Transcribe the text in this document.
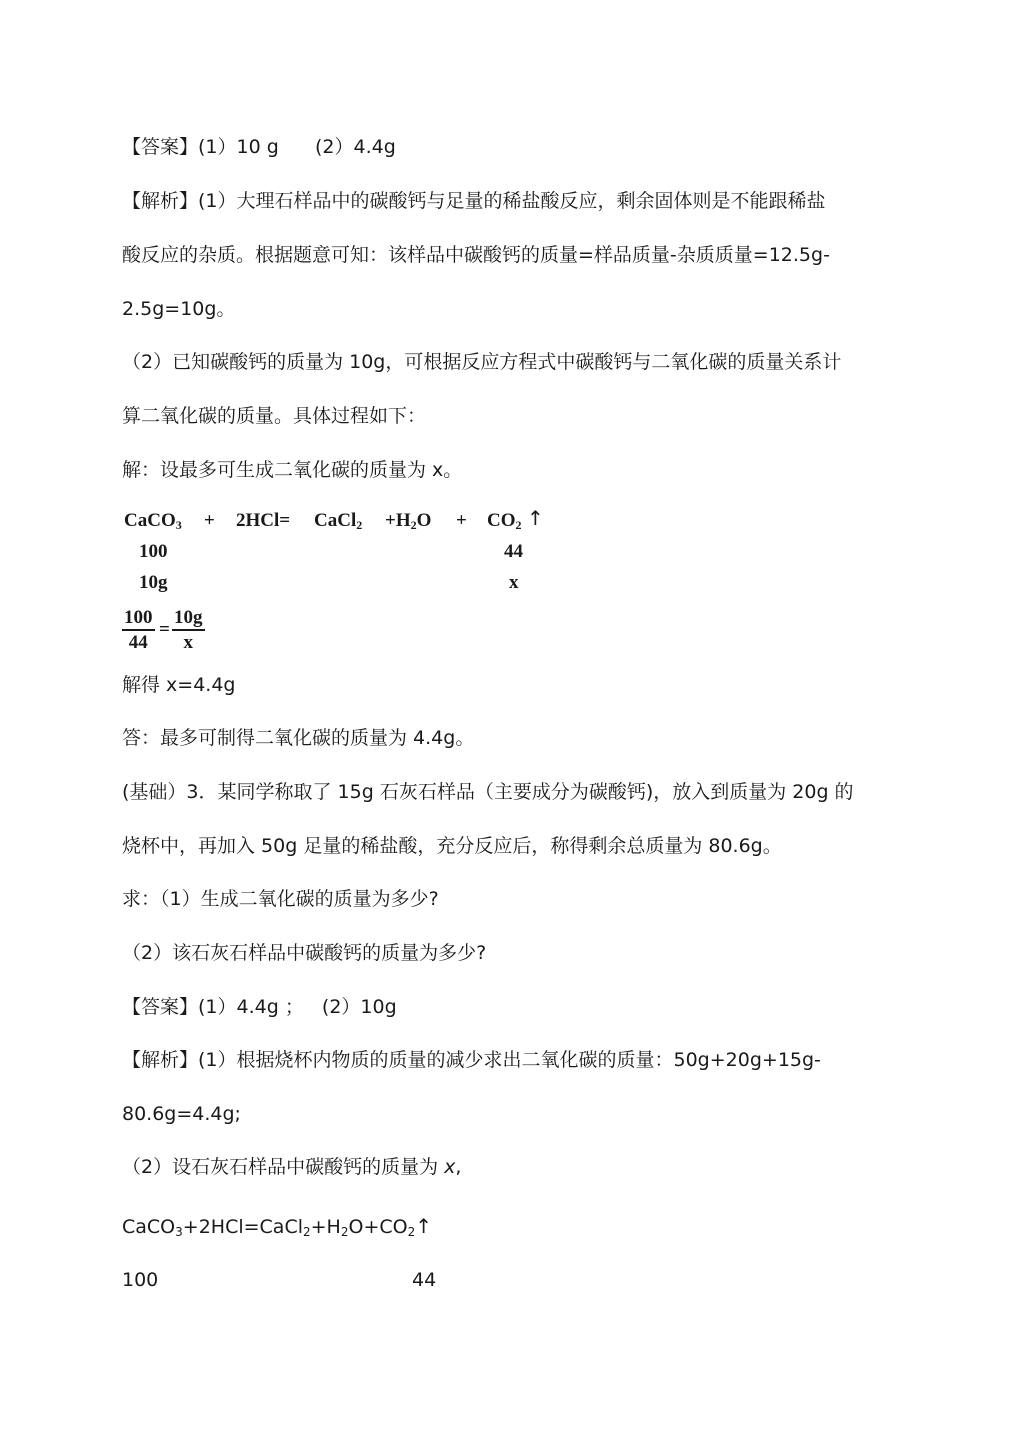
【答案】(1）10 g      (2）4.4g
【解析】(1）大理石样品中的碳酸钙与足量的稀盐酸反应，剩余固体则是不能跟稀盐
酸反应的杂质。根据题意可知：该样品中碳酸钙的质量=样品质量-杂质质量=12.5g-
2.5g=10g。
（2）已知碳酸钙的质量为 10g，可根据反应方程式中碳酸钙与二氧化碳的质量关系计
算二氧化碳的质量。具体过程如下：
解：设最多可生成二氧化碳的质量为 x。
CaCO$_3$ + 2HCl= CaCl$_2$ $+H_2O + CO_2$ ↑
100	44
10g	x
$\frac{100}{44} = \frac{10g}{x}$
解得 x=4.4g
答：最多可制得二氧化碳的质量为 4.4g。
(基础）3．某同学称取了 15g 石灰石样品（主要成分为碳酸钙)，放入到质量为 20g 的
烧杯中，再加入 50g 足量的稀盐酸，充分反应后，称得剩余总质量为 80.6g。
求：（1）生成二氧化碳的质量为多少?
（2）该石灰石样品中碳酸钙的质量为多少?
【答案】(1）4.4g ；   (2）10g
【解析】(1）根据烧杯内物质的质量的减少求出二氧化碳的质量：50g+20g+15g-
80.6g=4.4g;
（2）设石灰石样品中碳酸钙的质量为 x,
$CaCO_3+2HCl=CaCl_2+H_2O+CO_2↑$
100	44
